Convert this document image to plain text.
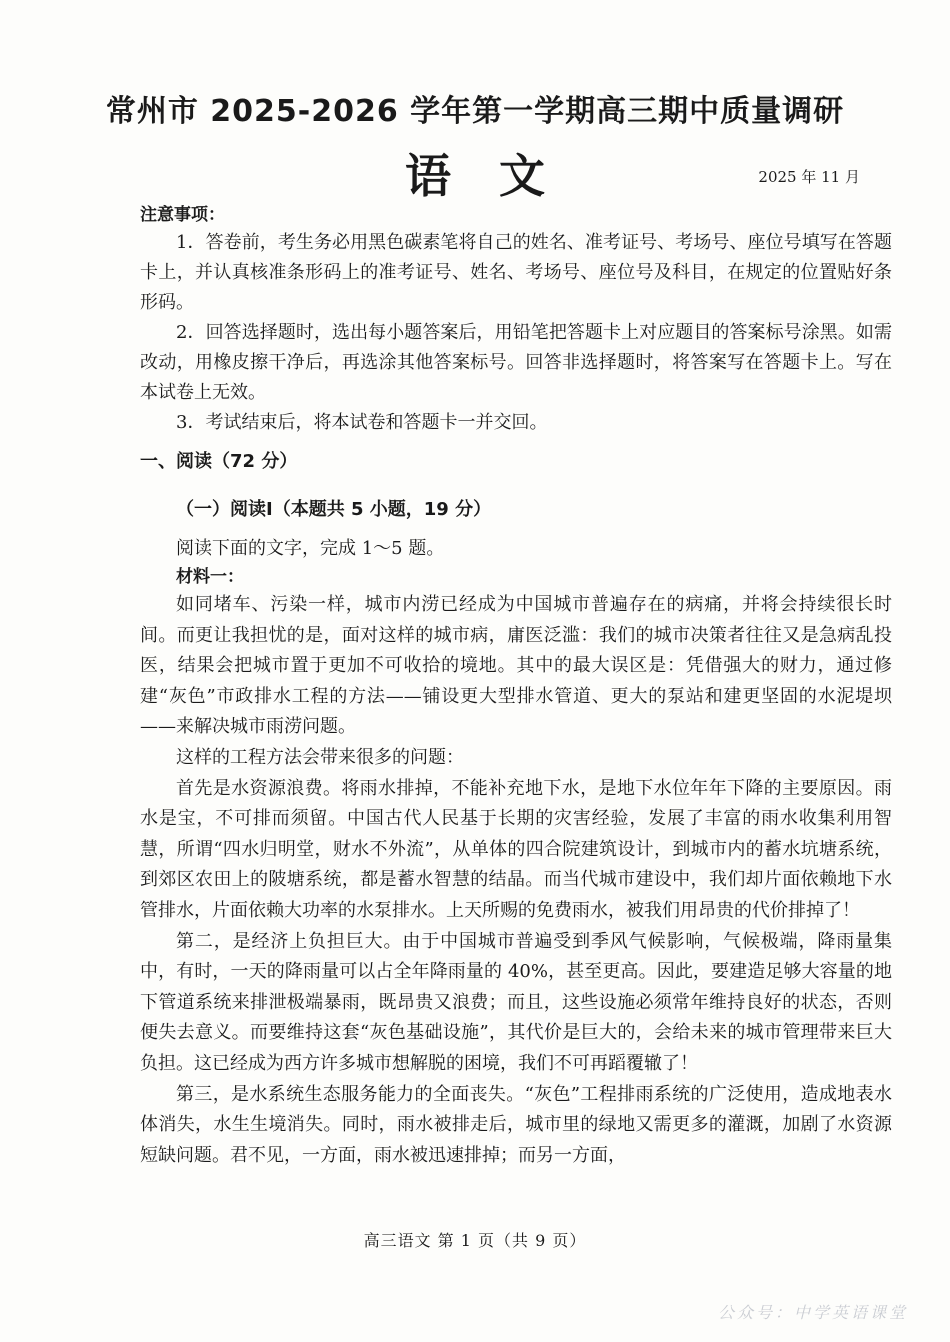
常州市 2025-2026 学年第一学期高三期中质量调研
语文	2025 年 11 月
注意事项：

1．答卷前，考生务必用黑色碳素笔将自己的姓名、准考证号、考场号、座位号填写在答题卡上，并认真核准条形码上的准考证号、姓名、考场号、座位号及科目，在规定的位置贴好条形码。

2．回答选择题时，选出每小题答案后，用铅笔把答题卡上对应题目的答案标号涂黑。如需改动，用橡皮擦干净后，再选涂其他答案标号。回答非选择题时，将答案写在答题卡上。写在本试卷上无效。

3．考试结束后，将本试卷和答题卡一并交回。

一、阅读（72 分）
（一）阅读Ⅰ（本题共 5 小题，19 分）
阅读下面的文字，完成 1～5 题。
材料一：

如同堵车、污染一样，城市内涝已经成为中国城市普遍存在的病痛，并将会持续很长时间。而更让我担忧的是，面对这样的城市病，庸医泛滥：我们的城市决策者往往又是急病乱投医，结果会把城市置于更加不可收拾的境地。其中的最大误区是：凭借强大的财力，通过修建“灰色”市政排水工程的方法——铺设更大型排水管道、更大的泵站和建更坚固的水泥堤坝——来解决城市雨涝问题。

这样的工程方法会带来很多的问题：

首先是水资源浪费。将雨水排掉，不能补充地下水，是地下水位年年下降的主要原因。雨水是宝，不可排而须留。中国古代人民基于长期的灾害经验，发展了丰富的雨水收集利用智慧，所谓“四水归明堂，财水不外流”，从单体的四合院建筑设计，到城市内的蓄水坑塘系统，到郊区农田上的陂塘系统，都是蓄水智慧的结晶。而当代城市建设中，我们却片面依赖地下水管排水，片面依赖大功率的水泵排水。上天所赐的免费雨水，被我们用昂贵的代价排掉了！

第二，是经济上负担巨大。由于中国城市普遍受到季风气候影响，气候极端，降雨量集中，有时，一天的降雨量可以占全年降雨量的 40%，甚至更高。因此，要建造足够大容量的地下管道系统来排泄极端暴雨，既昂贵又浪费；而且，这些设施必须常年维持良好的状态，否则便失去意义。而要维持这套“灰色基础设施”，其代价是巨大的，会给未来的城市管理带来巨大负担。这已经成为西方许多城市想解脱的困境，我们不可再蹈覆辙了！

第三，是水系统生态服务能力的全面丧失。“灰色”工程排雨系统的广泛使用，造成地表水体消失，水生生境消失。同时，雨水被排走后，城市里的绿地又需更多的灌溉，加剧了水资源短缺问题。君不见，一方面，雨水被迅速排掉；而另一方面，

高三语文 第 1 页（共 9 页）
公众号：中学英语课堂
